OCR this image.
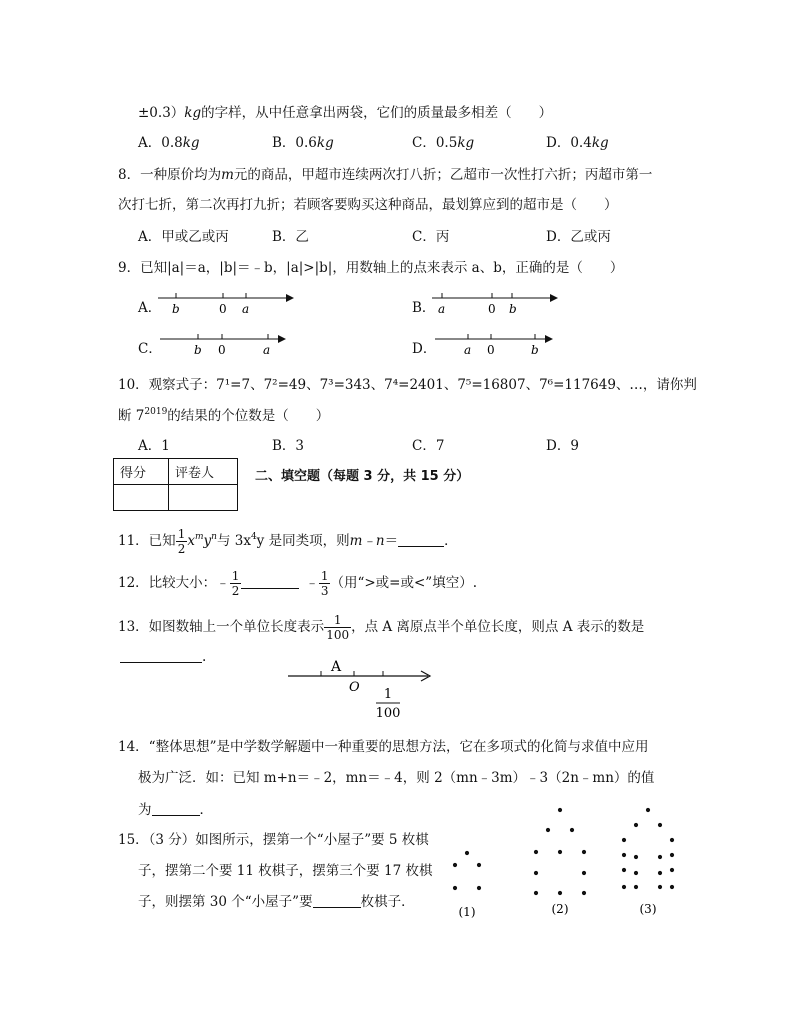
±0.3）kg的字样，从中任意拿出两袋，它们的质量最多相差（　　）
A．0.8kg	B．0.6kg	C．0.5kg	D．0.4kg
8．一种原价均为m元的商品，甲超市连续两次打八折；乙超市一次性打六折；丙超市第一
次打七折，第二次再打九折；若顾客要购买这种商品，最划算应到的超市是（　　）
A．甲或乙或丙	B．乙	C．丙	D．乙或丙
9．已知|a|＝a，|b|＝﹣b，|a|>|b|，用数轴上的点来表示 a、b，正确的是（　　）
A． b	0 a	B． a	0 b
C．	b 0	a	D． a 0	b
10．观察式子：7¹=7、7²=49、7³=343、7⁴=2401、7⁵=16807、7⁶=117649、…，请你判
断 $7^{2019}$的结果的个位数是（　　）
A．1	B．3	C．7	D．9
得分	评卷人
		二、填空题（每题 3 分，共 15 分）
11．已知 $\frac{1}{2} x^my^n$与 $3x^4y$ 是同类项，则m﹣n＝	．
12．比较大小：﹣ $\frac{1}{2}$	﹣ $\frac{1}{3}$ （用“>或=或<”填空）.
13．如图数轴上一个单位长度表示 $\frac{1}{100}$ ，点 A 离原点半个单位长度，则点 A 表示的数是
.
A
O 1
100
14．“整体思想”是中学数学解题中一种重要的思想方法，它在多项式的化简与求值中应用
极为广泛．如：已知 m+n＝﹣2，mn＝﹣4，则 2（mn﹣3m）﹣3（2n﹣mn）的值
为	．
15．（3 分）如图所示，摆第一个“小屋子”要 5 枚棋
子，摆第二个要 11 枚棋子，摆第三个要 17 枚棋
子，则摆第 30 个“小屋子”要	枚棋子．
(1)	(2)	(3)
